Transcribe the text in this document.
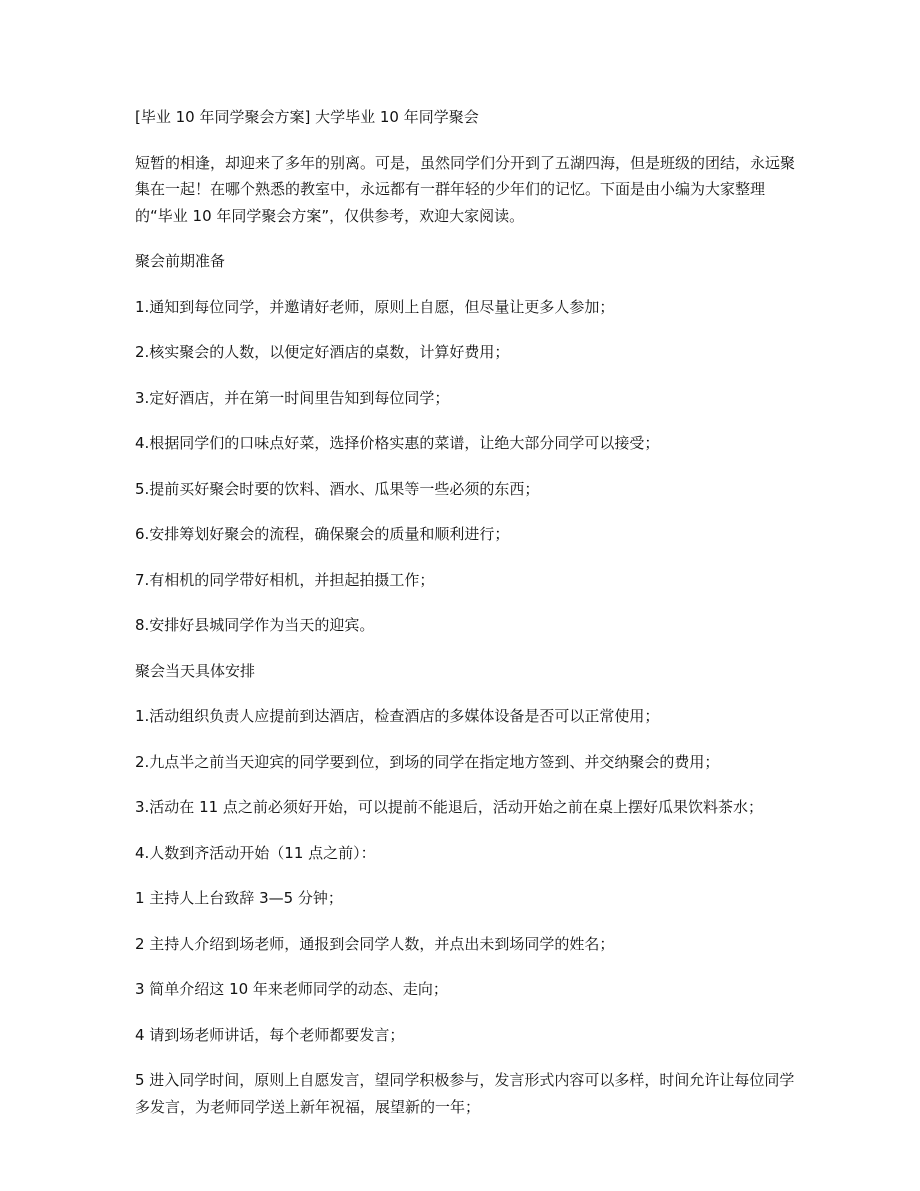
[毕业 10 年同学聚会方案] 大学毕业 10 年同学聚会

短暂的相逢，却迎来了多年的别离。可是，虽然同学们分开到了五湖四海，但是班级的团结，永远聚集在一起！在哪个熟悉的教室中，永远都有一群年轻的少年们的记忆。下面是由小编为大家整理的“毕业 10 年同学聚会方案”，仅供参考，欢迎大家阅读。

聚会前期准备

1.通知到每位同学，并邀请好老师，原则上自愿，但尽量让更多人参加；

2.核实聚会的人数，以便定好酒店的桌数，计算好费用；

3.定好酒店，并在第一时间里告知到每位同学；

4.根据同学们的口味点好菜，选择价格实惠的菜谱，让绝大部分同学可以接受；

5.提前买好聚会时要的饮料、酒水、瓜果等一些必须的东西；

6.安排筹划好聚会的流程，确保聚会的质量和顺利进行；

7.有相机的同学带好相机，并担起拍摄工作；

8.安排好县城同学作为当天的迎宾。

聚会当天具体安排

1.活动组织负责人应提前到达酒店，检查酒店的多媒体设备是否可以正常使用；

2.九点半之前当天迎宾的同学要到位，到场的同学在指定地方签到、并交纳聚会的费用；

3.活动在 11 点之前必须好开始，可以提前不能退后，活动开始之前在桌上摆好瓜果饮料茶水；

4.人数到齐活动开始（11 点之前）：

1 主持人上台致辞 3—5 分钟；

2 主持人介绍到场老师，通报到会同学人数，并点出未到场同学的姓名；

3 简单介绍这 10 年来老师同学的动态、走向；

4 请到场老师讲话，每个老师都要发言；

5 进入同学时间，原则上自愿发言，望同学积极参与，发言形式内容可以多样，时间允许让每位同学多发言，为老师同学送上新年祝福，展望新的一年；
